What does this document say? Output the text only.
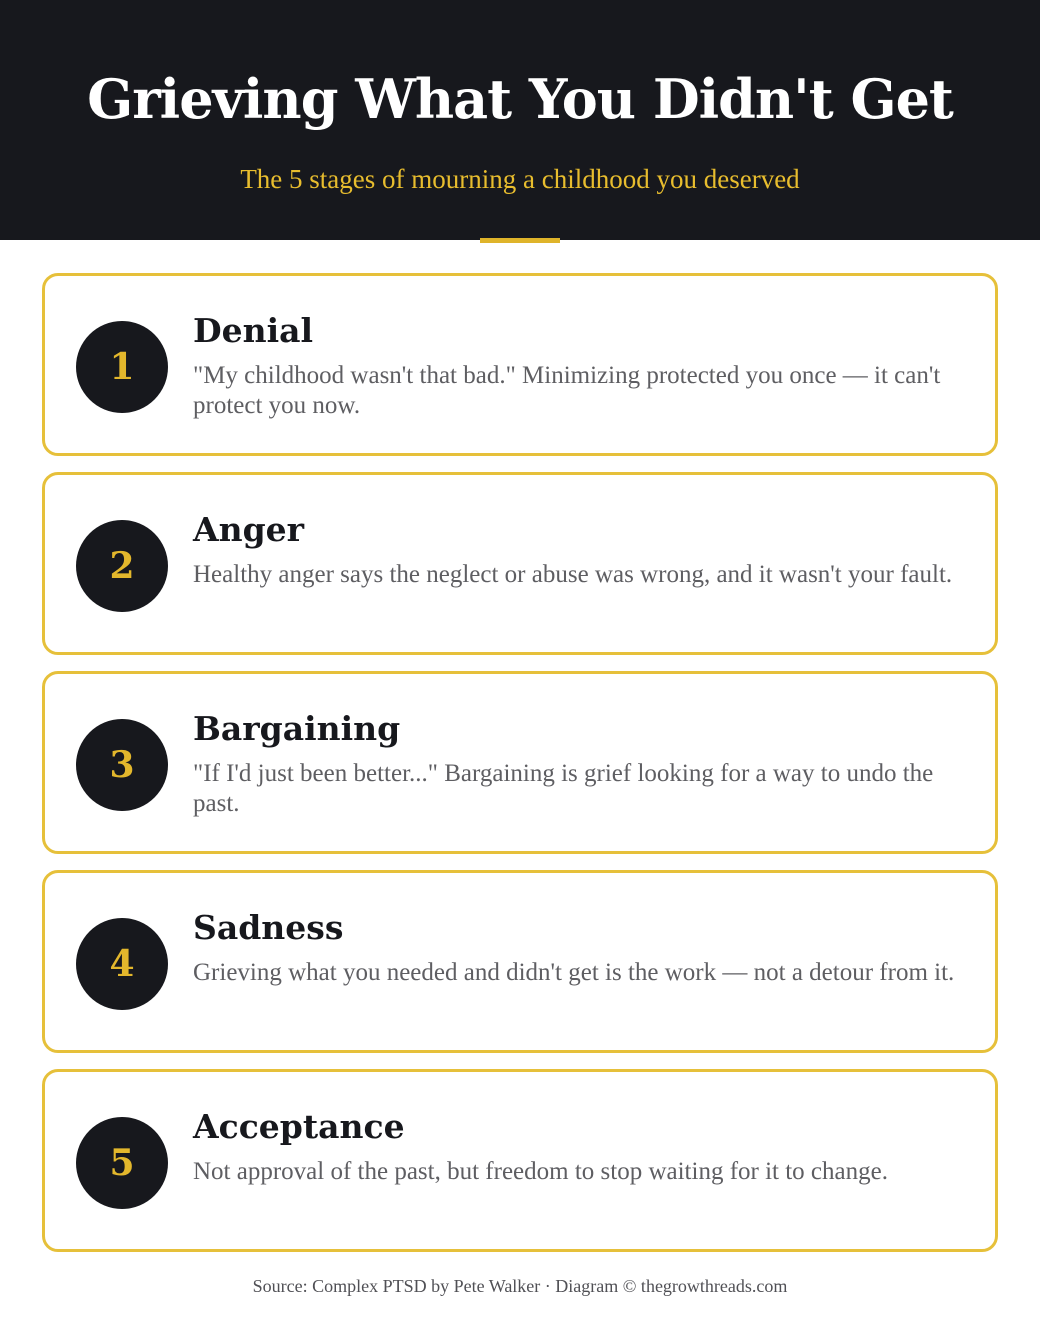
Grieving What You Didn't Get
The 5 stages of mourning a childhood you deserved
1
Denial
"My childhood wasn't that bad." Minimizing protected you once — it can't protect you now.
2
Anger
Healthy anger says the neglect or abuse was wrong, and it wasn't your fault.
3
Bargaining
"If I'd just been better..." Bargaining is grief looking for a way to undo the past.
4
Sadness
Grieving what you needed and didn't get is the work — not a detour from it.
5
Acceptance
Not approval of the past, but freedom to stop waiting for it to change.
Source: Complex PTSD by Pete Walker · Diagram © thegrowthreads.com
